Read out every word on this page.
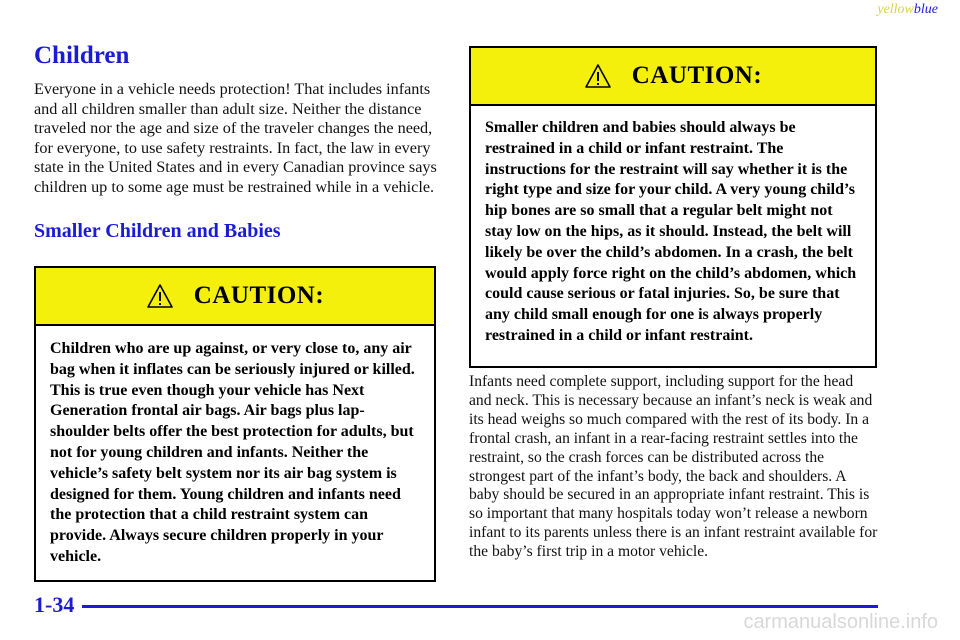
yellowblue
Children

Everyone in a vehicle needs protection! That includes infants and all children smaller than adult size. Neither the distance traveled nor the age and size of the traveler changes the need, for everyone, to use safety restraints. In fact, the law in every state in the United States and in every Canadian province says children up to some age must be restrained while in a vehicle.

Smaller Children and Babies
CAUTION:
Children who are up against, or very close to, any air bag when it inflates can be seriously injured or killed. This is true even though your vehicle has Next Generation frontal air bags. Air bags plus lap-shoulder belts offer the best protection for adults, but not for young children and infants. Neither the vehicle’s safety belt system nor its air bag system is designed for them. Young children and infants need the protection that a child restraint system can provide. Always secure children properly in your vehicle.
CAUTION:
Smaller children and babies should always be restrained in a child or infant restraint. The instructions for the restraint will say whether it is the right type and size for your child. A very young child’s hip bones are so small that a regular belt might not stay low on the hips, as it should. Instead, the belt will likely be over the child’s abdomen. In a crash, the belt would apply force right on the child’s abdomen, which could cause serious or fatal injuries. So, be sure that any child small enough for one is always properly restrained in a child or infant restraint.

Infants need complete support, including support for the head and neck. This is necessary because an infant’s neck is weak and its head weighs so much compared with the rest of its body. In a frontal crash, an infant in a rear-facing restraint settles into the restraint, so the crash forces can be distributed across the strongest part of the infant’s body, the back and shoulders. A baby should be secured in an appropriate infant restraint. This is so important that many hospitals today won’t release a newborn infant to its parents unless there is an infant restraint available for the baby’s first trip in a motor vehicle.

1-34
carmanualsonline.info
